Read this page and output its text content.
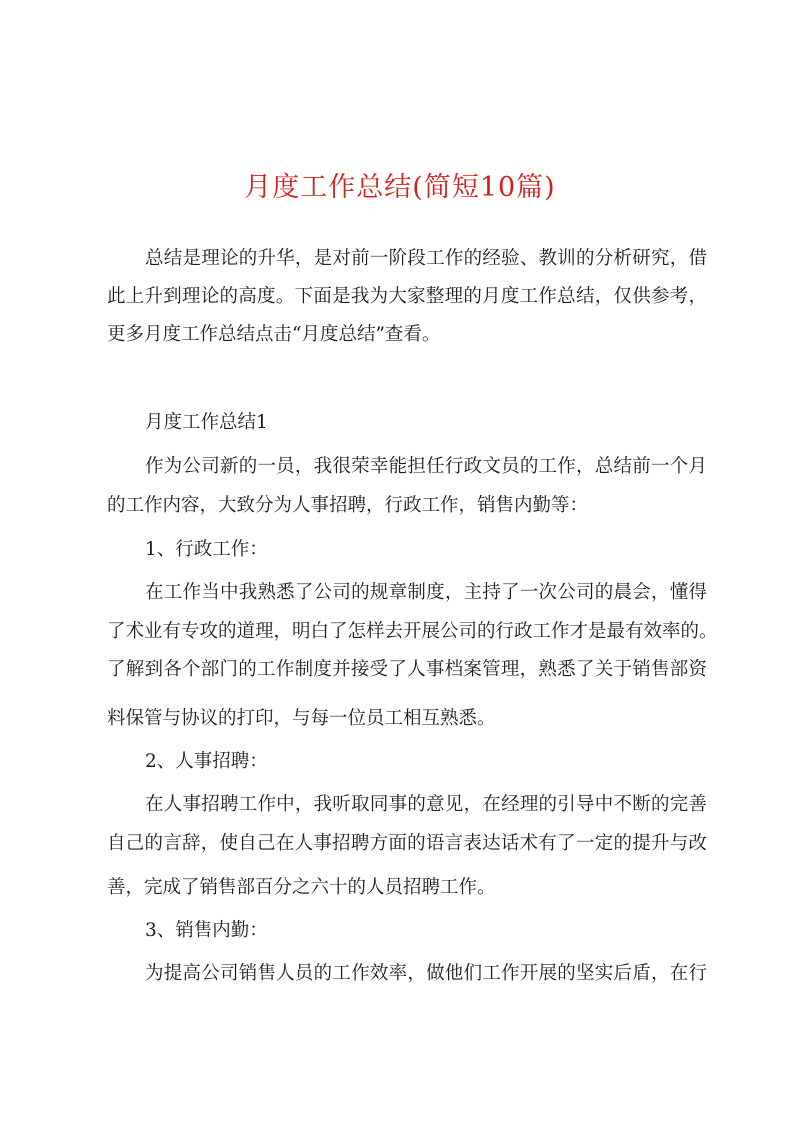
月度工作总结(简短10篇)
总结是理论的升华，是对前一阶段工作的经验、教训的分析研究，借
此上升到理论的高度。下面是我为大家整理的月度工作总结，仅供参考，
更多月度工作总结点击“月度总结”查看。
月度工作总结1
作为公司新的一员，我很荣幸能担任行政文员的工作，总结前一个月
的工作内容，大致分为人事招聘，行政工作，销售内勤等：
1、行政工作：
在工作当中我熟悉了公司的规章制度，主持了一次公司的晨会，懂得
了术业有专攻的道理，明白了怎样去开展公司的行政工作才是最有效率的。
了解到各个部门的工作制度并接受了人事档案管理，熟悉了关于销售部资
料保管与协议的打印，与每一位员工相互熟悉。
2、人事招聘：
在人事招聘工作中，我听取同事的意见，在经理的引导中不断的完善
自己的言辞，使自己在人事招聘方面的语言表达话术有了一定的提升与改
善，完成了销售部百分之六十的人员招聘工作。
3、销售内勤：
为提高公司销售人员的工作效率，做他们工作开展的坚实后盾，在行
